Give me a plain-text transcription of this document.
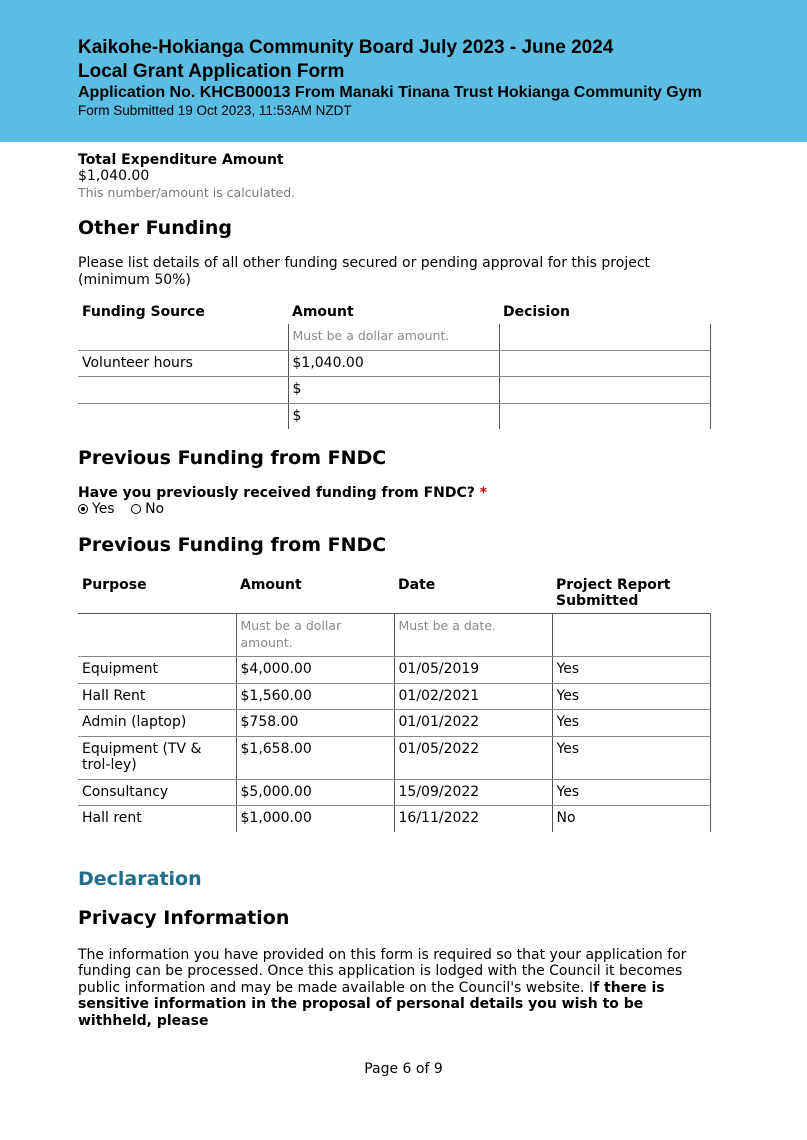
Kaikohe-Hokianga Community Board July 2023 - June 2024

Local Grant Application Form

Application No. KHCB00013 From Manaki Tinana Trust Hokianga Community Gym

Form Submitted 19 Oct 2023, 11:53AM NZDT

Total Expenditure Amount

$1,040.00

This number/amount is calculated.

Other Funding

Please list details of all other funding secured or pending approval for this project (minimum 50%)

Funding Source	Amount	Decision
	Must be a dollar amount.	
Volunteer hours	$1,040.00	
	$	
	$	
Previous Funding from FNDC

Have you previously received funding from FNDC? *

Yes
No
Previous Funding from FNDC
Purpose	Amount	Date	Project Report Submitted
	Must be a dollar amount.	Must be a date.	
Equipment	$4,000.00	01/05/2019	Yes
Hall Rent	$1,560.00	01/02/2021	Yes
Admin (laptop)	$758.00	01/01/2022	Yes
Equipment (TV & trol-ley)	$1,658.00	01/05/2022	Yes
Consultancy	$5,000.00	15/09/2022	Yes
Hall rent	$1,000.00	16/11/2022	No

Declaration

Privacy Information

The information you have provided on this form is required so that your application for funding can be processed. Once this application is lodged with the Council it becomes public information and may be made available on the Council's website. If there is sensitive information in the proposal of personal details you wish to be withheld, please

Page 6 of 9
